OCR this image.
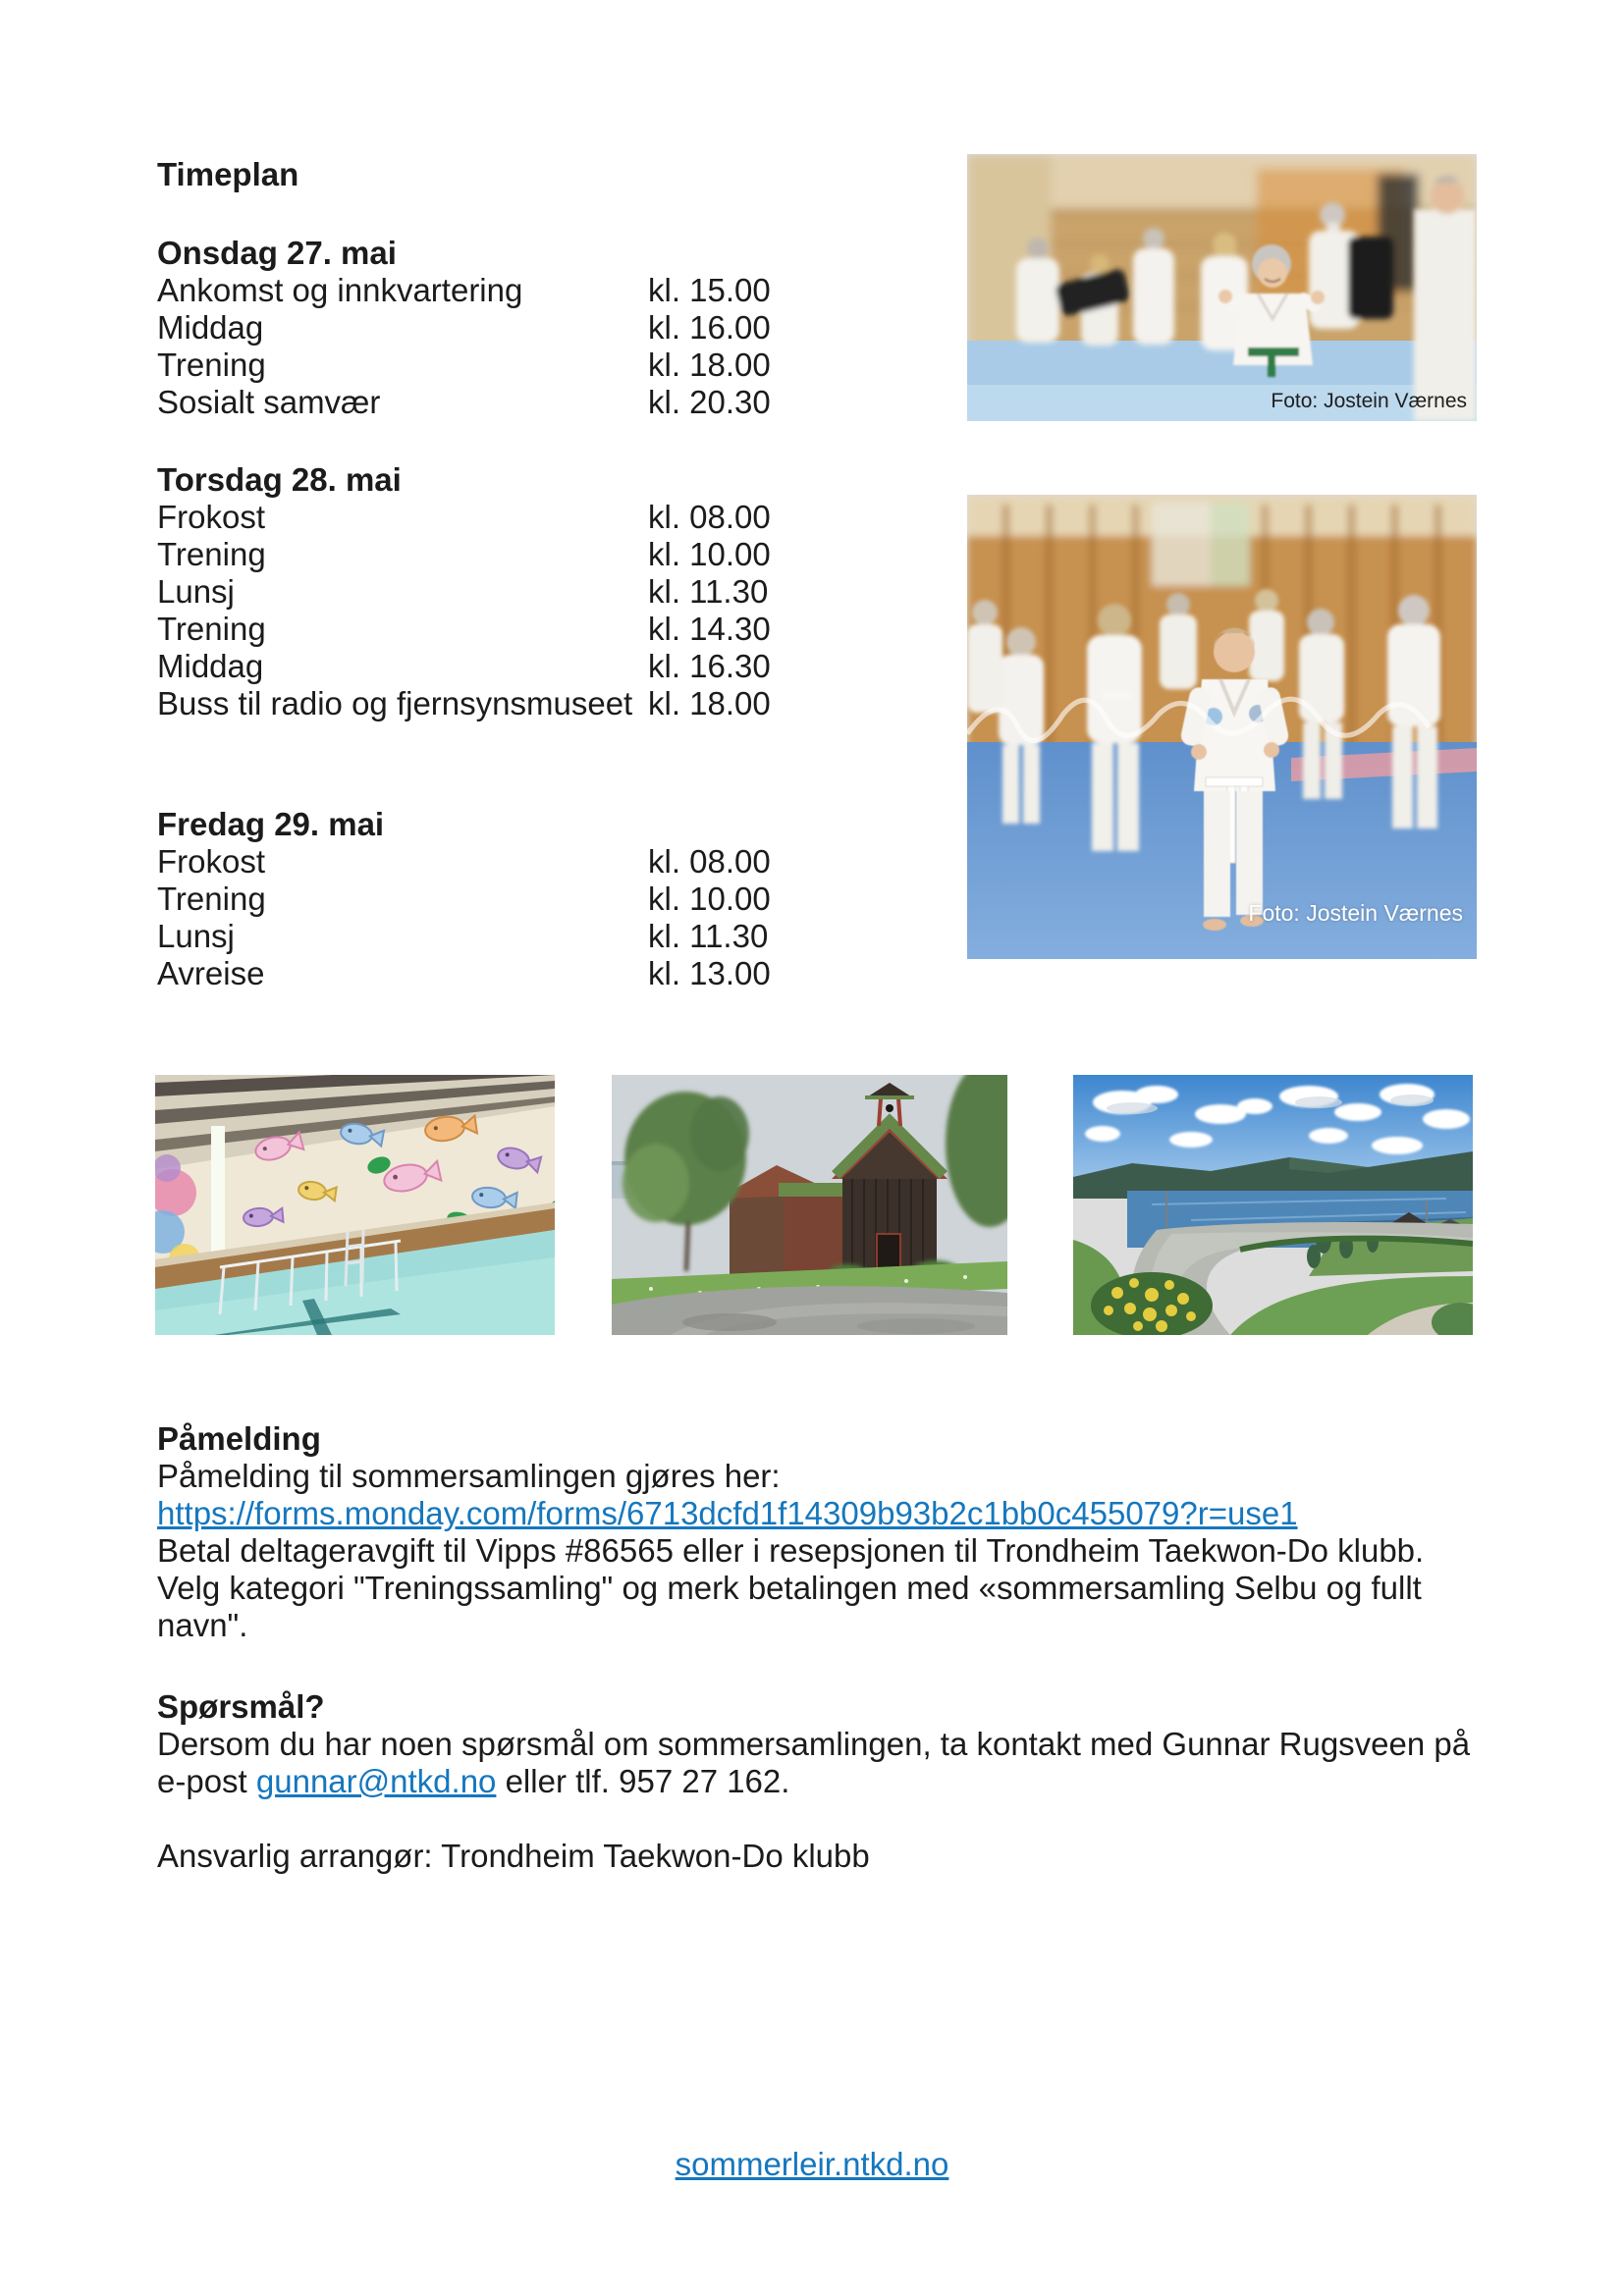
Timeplan
Onsdag 27. mai
Ankomst og innkvartering	kl. 15.00
Middag	kl. 16.00
Trening	kl. 18.00
Sosialt samvær	kl. 20.30
Torsdag 28. mai
Frokost	kl. 08.00
Trening	kl. 10.00
Lunsj	kl. 11.30
Trening	kl. 14.30
Middag	kl. 16.30
Buss til radio og fjernsynsmuseet kl. 18.00
Fredag 29. mai
Frokost	kl. 08.00
Trening	kl. 10.00
Lunsj	kl. 11.30
Avreise	kl. 13.00
Foto: Jostein Værnes
Foto: Jostein Værnes
Påmelding
Påmelding til sommersamlingen gjøres her:
https://forms.monday.com/forms/6713dcfd1f14309b93b2c1bb0c455079?r=use1
Betal deltageravgift til Vipps #86565 eller i resepsjonen til Trondheim Taekwon-Do klubb. Velg kategori "Treningssamling" og merk betalingen med «sommersamling Selbu og fullt navn".
Spørsmål?
Dersom du har noen spørsmål om sommersamlingen, ta kontakt med Gunnar Rugsveen på e-post gunnar@ntkd.no eller tlf. 957 27 162.
Ansvarlig arrangør: Trondheim Taekwon-Do klubb
sommerleir.ntkd.no
